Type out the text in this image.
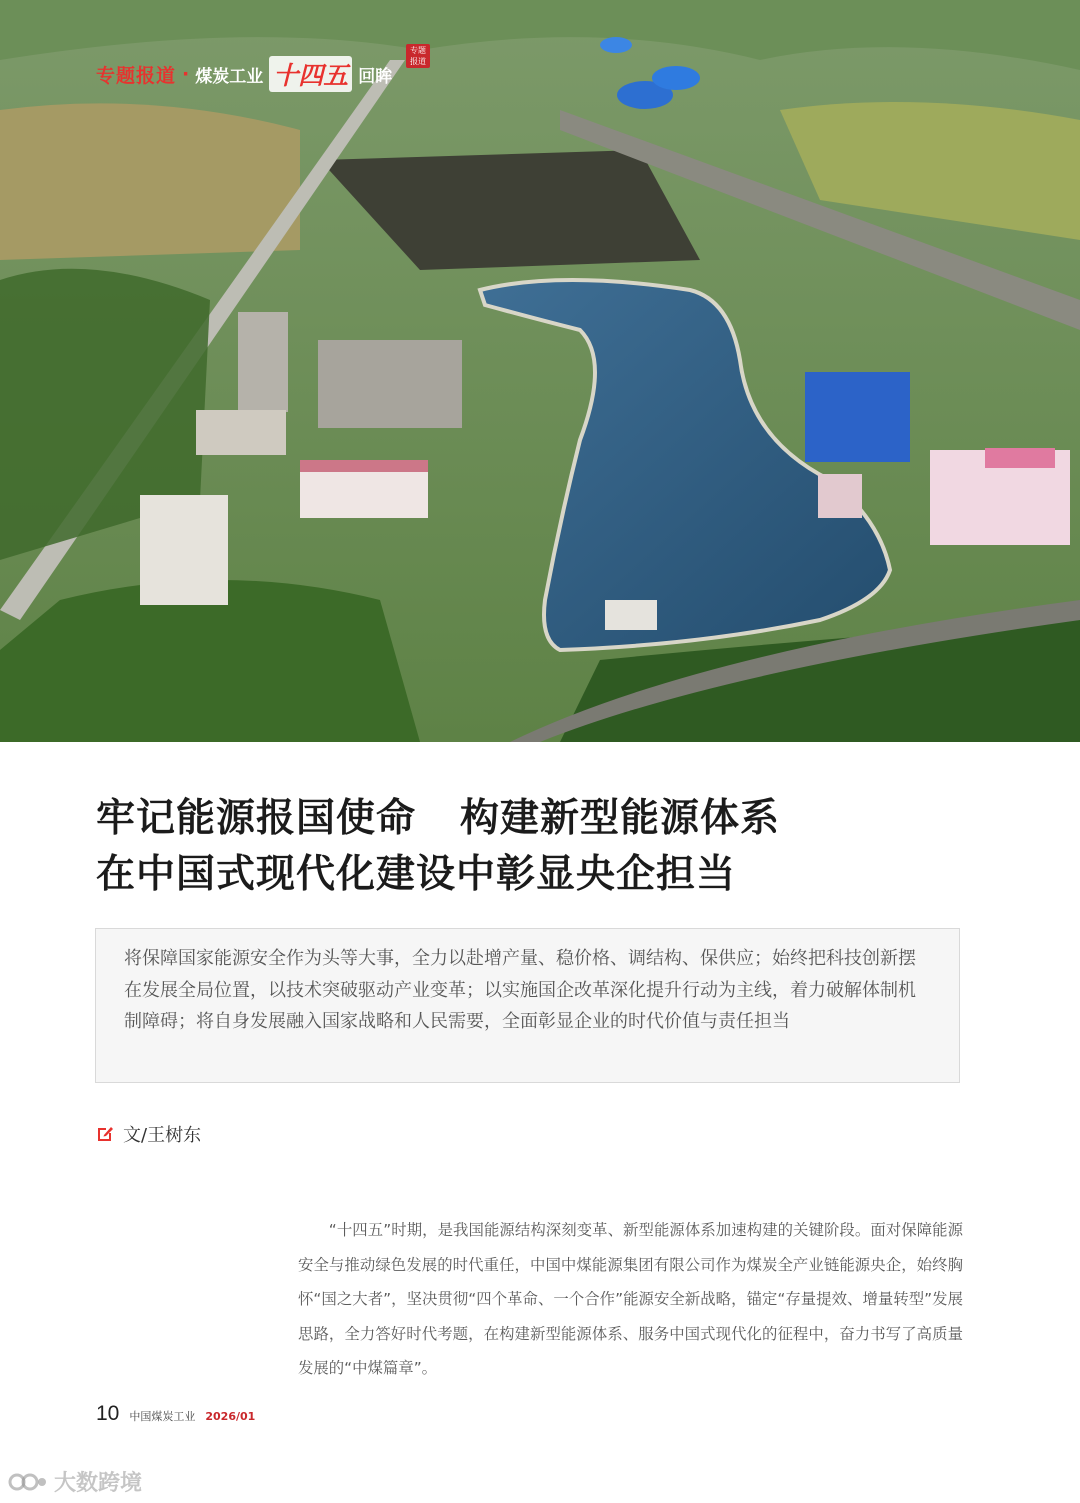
专题报道 · 煤炭工业 十四五 回眸
专题 报道
牢记能源报国使命 构建新型能源体系
在中国式现代化建设中彰显央企担当
将保障国家能源安全作为头等大事，全力以赴增产量、稳价格、调结构、保供应；始终把科技创新摆在发展全局位置，以技术突破驱动产业变革；以实施国企改革深化提升行动为主线，着力破解体制机制障碍；将自身发展融入国家战略和人民需要，全面彰显企业的时代价值与责任担当
文/王树东

“十四五”时期，是我国能源结构深刻变革、新型能源体系加速构建的关键阶段。面对保障能源安全与推动绿色发展的时代重任，中国中煤能源集团有限公司作为煤炭全产业链能源央企，始终胸怀“国之大者”，坚决贯彻“四个革命、一个合作”能源安全新战略，锚定“存量提效、增量转型”发展思路，全力答好时代考题，在构建新型能源体系、服务中国式现代化的征程中，奋力书写了高质量发展的“中煤篇章”。

10 中国煤炭工业 2026/01
大数跨境
